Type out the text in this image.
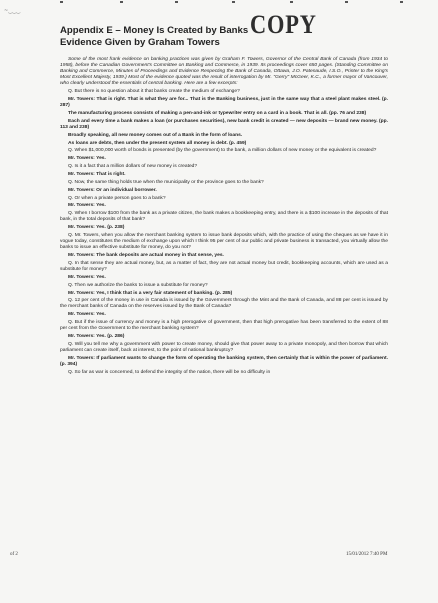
~‿‿‿	COPY
Appendix E – Money Is Created by Banks
Evidence Given by Graham Towers

Some of the most frank evidence on banking practices was given by Graham F. Towers, Governor of the Central Bank of Canada (from 1934 to 1958), before the Canadian Government's Committee on Banking and Commerce, in 1939. Its proceedings cover 650 pages. (Standing Committee on Banking and Commerce, Minutes of Proceedings and Evidence Respecting the Bank of Canada, Ottawa, J.O. Patenaude, I.S.O., Printer to the King's Most Excellent Majesty, 1939.) Most of the evidence quoted was the result of interrogation by Mr. "Gerry" McGeer, K.C., a former mayor of Vancouver, who clearly understood the essentials of central banking. Here are a few excerpts:

Q. But there is no question about it that banks create the medium of exchange?

Mr. Towers: That is right. That is what they are for... That is the Banking business, just in the same way that a steel plant makes steel. (p. 287)

The manufacturing process consists of making a pen-and-ink or typewriter entry on a card in a book. That is all. (pp. 76 and 238)

Each and every time a bank makes a loan (or purchases securities), new bank credit is created — new deposits — brand new money. (pp. 113 and 238)

Broadly speaking, all new money comes out of a Bank in the form of loans.

As loans are debts, then under the present system all money is debt. (p. 459)

Q. When $1,000,000 worth of bonds is presented (by the government) to the bank, a million dollars of new money or the equivalent is created?

Mr. Towers: Yes.

Q. Is it a fact that a million dollars of new money is created?

Mr. Towers: That is right.

Q. Now, the same thing holds true when the municipality or the province goes to the bank?

Mr. Towers: Or an individual borrower.

Q. Or when a private person goes to a bank?

Mr. Towers: Yes.

Q. When I borrow $100 from the bank as a private citizen, the bank makes a bookkeeping entry, and there is a $100 increase in the deposits of that bank, in the total deposits of that bank?

Mr. Towers: Yes. (p. 238)

Q. Mr. Towers, when you allow the merchant banking system to issue bank deposits which, with the practice of using the cheques as we have it in vogue today, constitutes the medium of exchange upon which I think 95 per cent of our public and private business is transacted, you virtually allow the banks to issue an effective substitute for money, do you not?

Mr. Towers: The bank deposits are actual money in that sense, yes.

Q. In that sense they are actual money, but, as a matter of fact, they are not actual money but credit, bookkeeping accounts, which are used as a substitute for money?

Mr. Towers: Yes.

Q. Then we authorize the banks to issue a substitute for money?

Mr. Towers: Yes, I think that is a very fair statement of banking. (p. 285)

Q. 12 per cent of the money in use in Canada is issued by the Government through the Mint and the Bank of Canada, and 88 per cent is issued by the merchant banks of Canada on the reserves issued by the Bank of Canada?

Mr. Towers: Yes.

Q. But if the issue of currency and money is a high prerogative of government, then that high prerogative has been transferred to the extent of 88 per cent from the Government to the merchant banking system?

Mr. Towers: Yes. (p. 286)

Q. Will you tell me why a government with power to create money, should give that power away to a private monopoly, and then borrow that which parliament can create itself, back at interest, to the point of national bankruptcy?

Mr. Towers: If parliament wants to change the form of operating the banking system, then certainly that is within the power of parliament. (p. 394)

Q. So far as war is concerned, to defend the integrity of the nation, there will be no difficulty in

of 2	15/01/2012 7:40 PM
